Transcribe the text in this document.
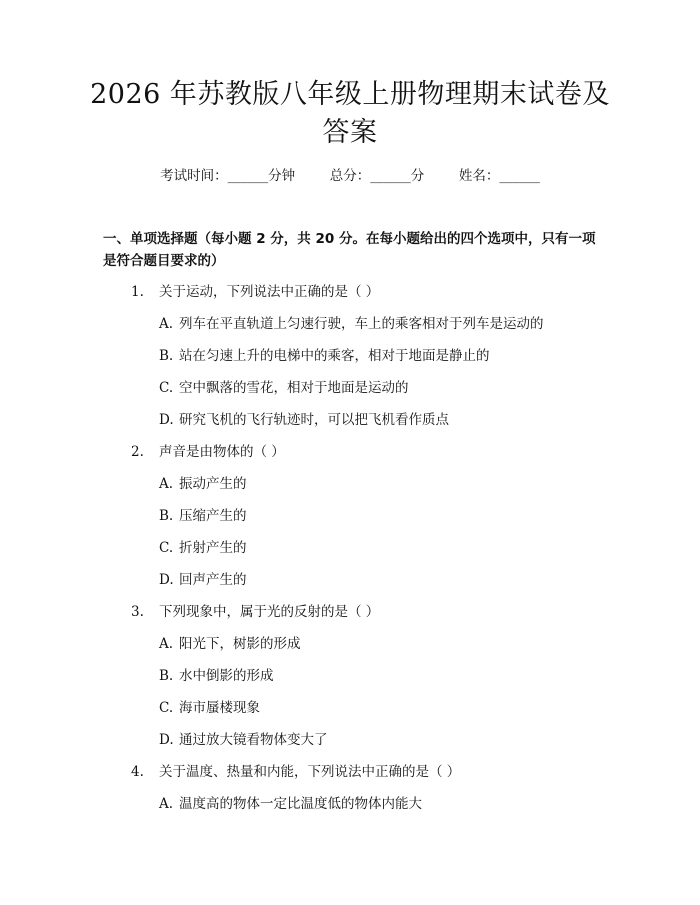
2026 年苏教版八年级上册物理期末试卷及答案
考试时间：______分钟	总分：______分	姓名：______
一、单项选择题（每小题 2 分，共 20 分。在每小题给出的四个选项中，只有一项是符合题目要求的）
1. 关于运动，下列说法中正确的是（ ）
A. 列车在平直轨道上匀速行驶，车上的乘客相对于列车是运动的
B. 站在匀速上升的电梯中的乘客，相对于地面是静止的
C. 空中飘落的雪花，相对于地面是运动的
D. 研究飞机的飞行轨迹时，可以把飞机看作质点
2. 声音是由物体的（ ）
A. 振动产生的
B. 压缩产生的
C. 折射产生的
D. 回声产生的
3. 下列现象中，属于光的反射的是（ ）
A. 阳光下，树影的形成
B. 水中倒影的形成
C. 海市蜃楼现象
D. 通过放大镜看物体变大了
4. 关于温度、热量和内能，下列说法中正确的是（ ）
A. 温度高的物体一定比温度低的物体内能大
